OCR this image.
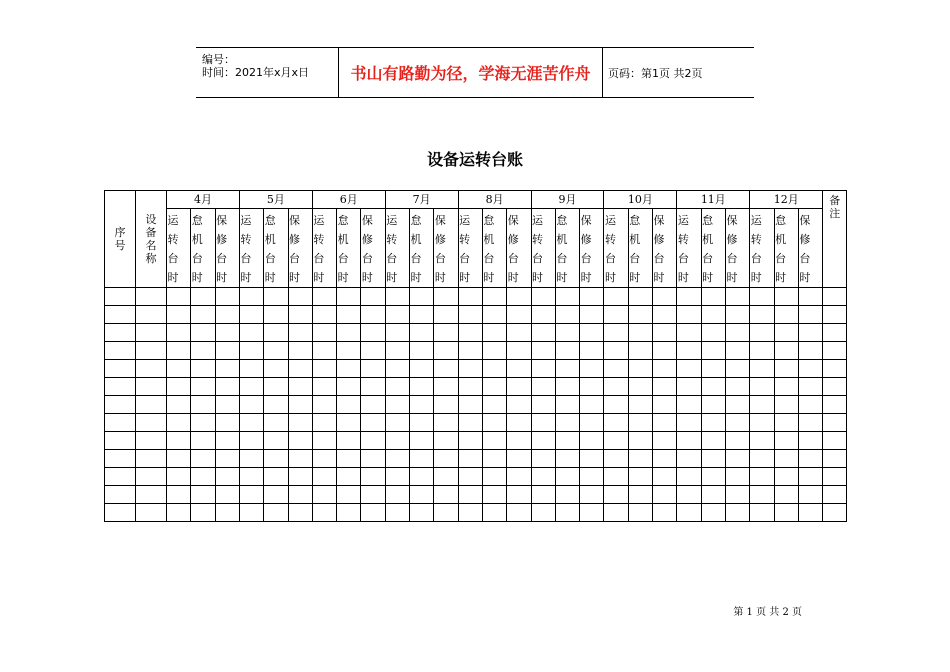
编号：
时间：2021年x月x日	书山有路勤为径，学海无涯苦作舟	页码：第1页 共2页
设备运转台账
序号	设备名称	4月			5月			6月			7月			8月			9月			10月			11月			12月			备注

		运转台时	怠机台时	保修台时	运转台时	怠机台时	保修台时	运转台时	怠机台时	保修台时	运转台时	怠机台时	保修台时	运转台时	怠机台时	保修台时	运转台时	怠机台时	保修台时	运转台时	怠机台时	保修台时	运转台时	怠机台时	保修台时	运转台时	怠机台时	保修台时	

第 1 页 共 2 页
